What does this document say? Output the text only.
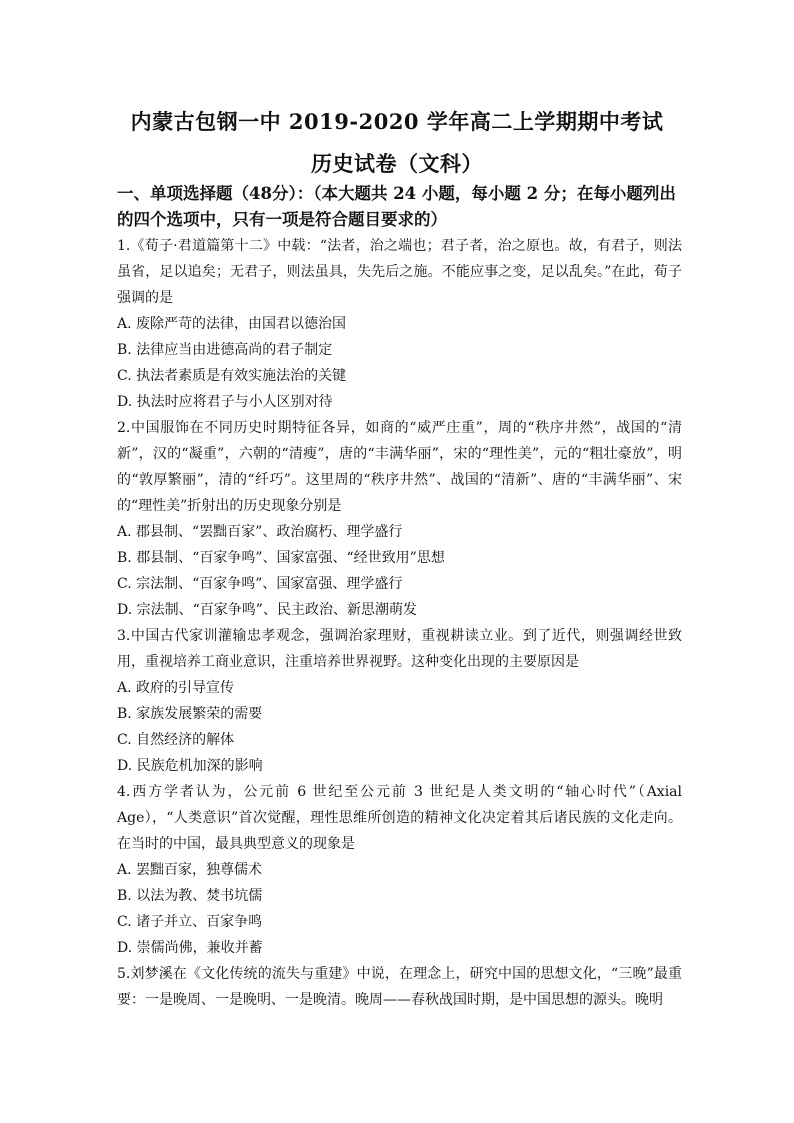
内蒙古包钢一中 2019-2020 学年高二上学期期中考试
历史试卷（文科）
一、单项选择题（48分）：（本大题共 24 小题，每小题 2 分；在每小题列出的四个选项中，只有一项是符合题目要求的）

1.《荀子·君道篇第十二》中载：“法者，治之端也；君子者，治之原也。故，有君子，则法虽省，足以追矣；无君子，则法虽具，失先后之施。不能应事之变，足以乱矣。”在此，荀子强调的是

A. 废除严苛的法律，由国君以德治国

B. 法律应当由进德高尚的君子制定

C. 执法者素质是有效实施法治的关键

D. 执法时应将君子与小人区别对待

2.中国服饰在不同历史时期特征各异，如商的“威严庄重”，周的“秩序井然”，战国的“清新”，汉的“凝重”，六朝的“清瘦”，唐的“丰满华丽”，宋的“理性美”，元的“粗壮豪放”，明的“敦厚繁丽”，清的“纤巧”。这里周的“秩序井然”、战国的“清新”、唐的“丰满华丽”、宋的“理性美”折射出的历史现象分别是

A. 郡县制、“罢黜百家”、政治腐朽、理学盛行

B. 郡县制、“百家争鸣”、国家富强、“经世致用”思想

C. 宗法制、“百家争鸣”、国家富强、理学盛行

D. 宗法制、“百家争鸣”、民主政治、新思潮萌发

3.中国古代家训灌输忠孝观念，强调治家理财，重视耕读立业。到了近代，则强调经世致用，重视培养工商业意识，注重培养世界视野。这种变化出现的主要原因是

A. 政府的引导宣传

B. 家族发展繁荣的需要

C. 自然经济的解体

D. 民族危机加深的影响

4.西方学者认为，公元前 6 世纪至公元前 3 世纪是人类文明的“轴心时代”（Axial Age），“人类意识”首次觉醒，理性思维所创造的精神文化决定着其后诸民族的文化走向。在当时的中国，最具典型意义的现象是

A. 罢黜百家，独尊儒术

B. 以法为教、焚书坑儒

C. 诸子并立、百家争鸣

D. 崇儒尚佛，兼收并蓄

5.刘梦溪在《文化传统的流失与重建》中说，在理念上，研究中国的思想文化，“三晚”最重要：一是晚周、一是晚明、一是晚清。晚周——春秋战国时期，是中国思想的源头。晚明
